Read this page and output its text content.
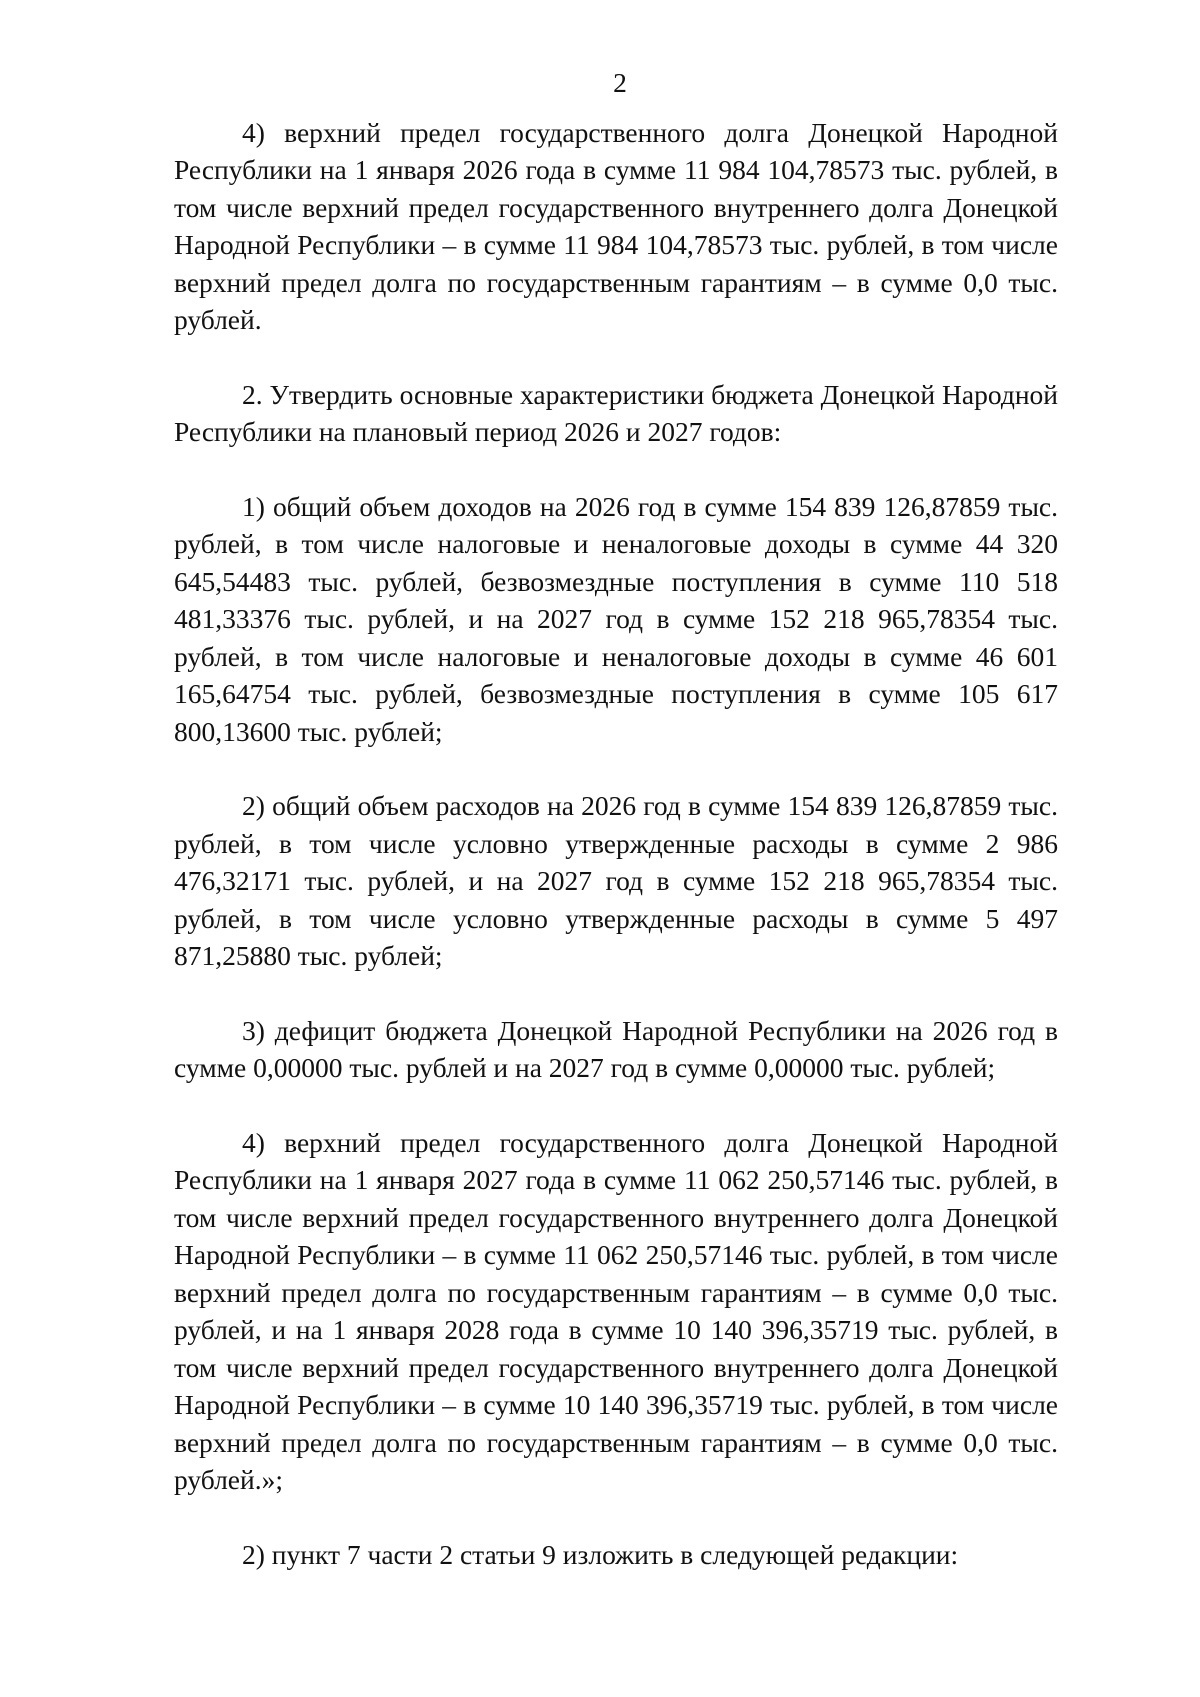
2

4) верхний предел государственного долга Донецкой Народной Республики на 1 января 2026 года в сумме 11 984 104,78573 тыс. рублей, в том числе верхний предел государственного внутреннего долга Донецкой Народной Республики – в сумме 11 984 104,78573 тыс. рублей, в том числе верхний предел долга по государственным гарантиям – в сумме 0,0 тыс. рублей.

2. Утвердить основные характеристики бюджета Донецкой Народной Республики на плановый период 2026 и 2027 годов:

1) общий объем доходов на 2026 год в сумме 154 839 126,87859 тыс. рублей, в том числе налоговые и неналоговые доходы в сумме 44 320 645,54483 тыс. рублей, безвозмездные поступления в сумме 110 518 481,33376 тыс. рублей, и на 2027 год в сумме 152 218 965,78354 тыс. рублей, в том числе налоговые и неналоговые доходы в сумме 46 601 165,64754 тыс. рублей, безвозмездные поступления в сумме 105 617 800,13600 тыс. рублей;

2) общий объем расходов на 2026 год в сумме 154 839 126,87859 тыс. рублей, в том числе условно утвержденные расходы в сумме 2 986 476,32171 тыс. рублей, и на 2027 год в сумме 152 218 965,78354 тыс. рублей, в том числе условно утвержденные расходы в сумме 5 497 871,25880 тыс. рублей;

3) дефицит бюджета Донецкой Народной Республики на 2026 год в сумме 0,00000 тыс. рублей и на 2027 год в сумме 0,00000 тыс. рублей;

4) верхний предел государственного долга Донецкой Народной Республики на 1 января 2027 года в сумме 11 062 250,57146 тыс. рублей, в том числе верхний предел государственного внутреннего долга Донецкой Народной Республики – в сумме 11 062 250,57146 тыс. рублей, в том числе верхний предел долга по государственным гарантиям – в сумме 0,0 тыс. рублей, и на 1 января 2028 года в сумме 10 140 396,35719 тыс. рублей, в том числе верхний предел государственного внутреннего долга Донецкой Народной Республики – в сумме 10 140 396,35719 тыс. рублей, в том числе верхний предел долга по государственным гарантиям – в сумме 0,0 тыс. рублей.»;

2) пункт 7 части 2 статьи 9 изложить в следующей редакции:
